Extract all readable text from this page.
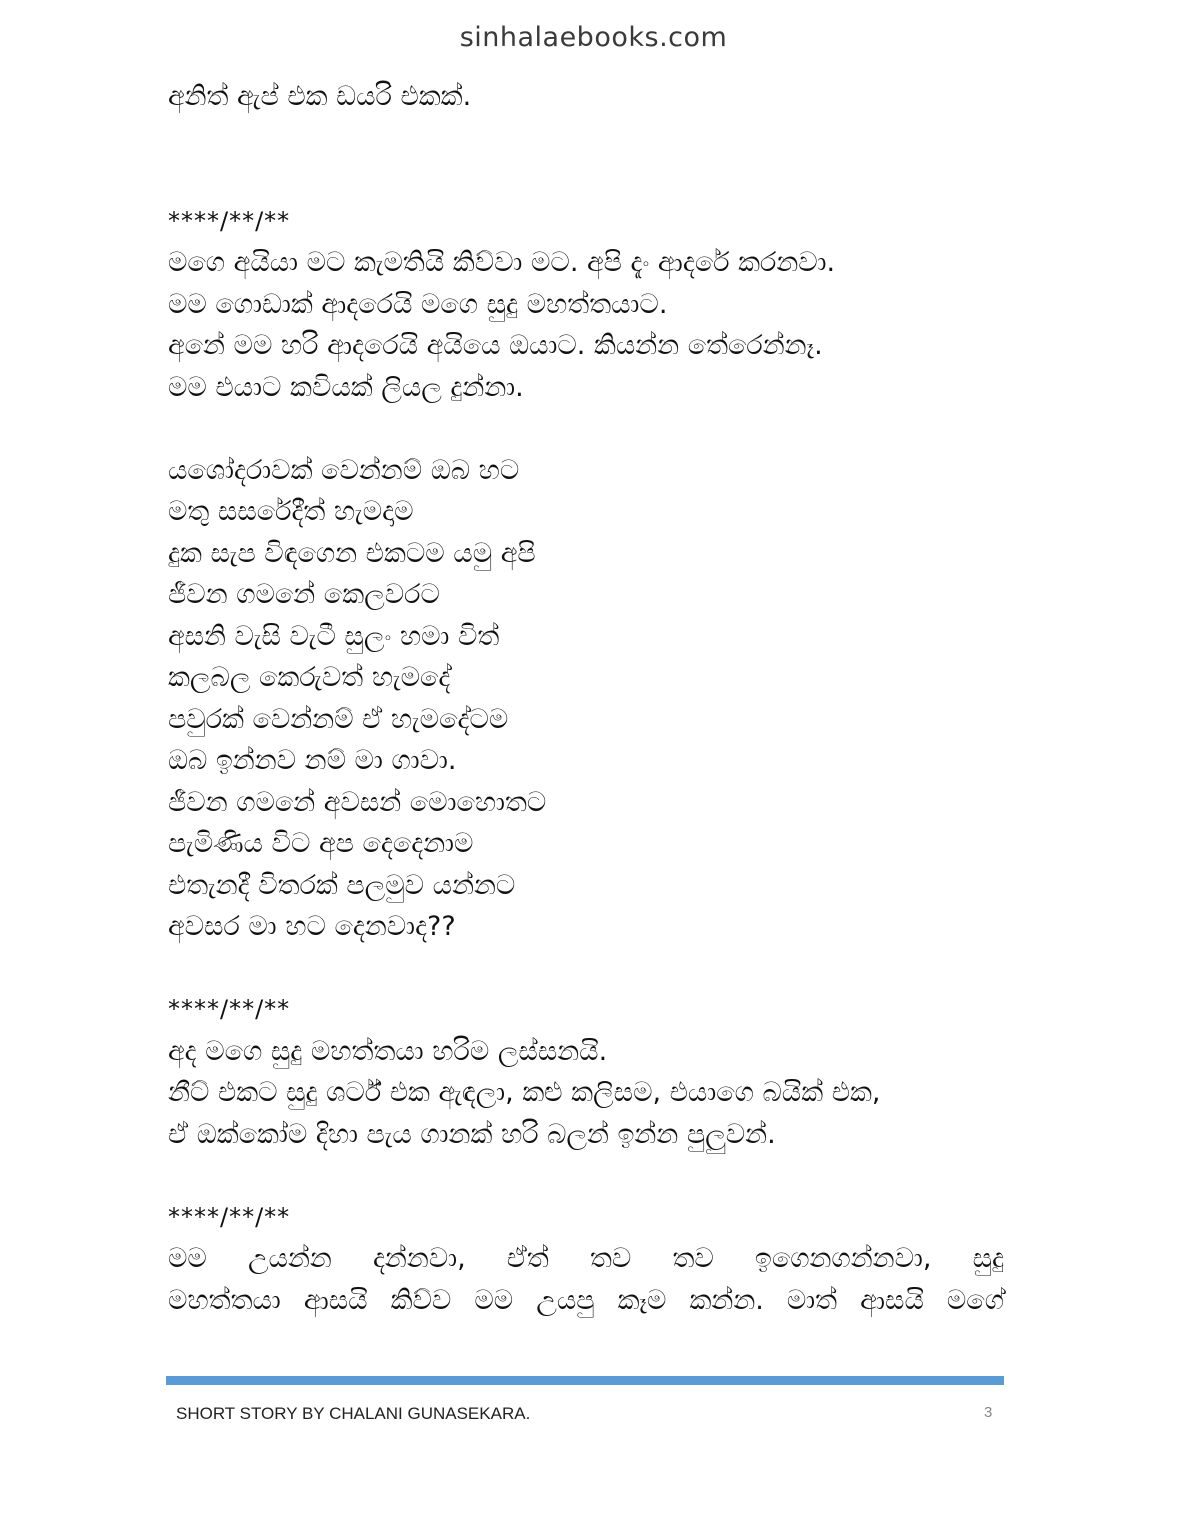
sinhalaebooks.com
අනිත් ඇප් එක ඩයරි එකක්.
****/**/**
මගෙ අයියා මට කැමතියි කිව්වා මට. අපි දැං ආදරේ කරනවා.
මම ගොඩාක් ආදරෙයි මගෙ සුදු මහත්තයාට.
අනේ මම හරි ආදරෙයි අයියෙ ඔයාට. කියන්න තේරෙන්නෑ.
මම එයාට කවියක් ලියල දුන්නා.
යශෝදරාවක් වෙන්නම් ඔබ හට
මතු සසරේදීත් හැමදාම
දුක සැප විඳගෙන එකටම යමු අපි
ජීවන ගමනේ කෙලවරට
අසනි වැසි වැටී සුලං හමා විත්
කලබල කෙරුවත් හැමදේ
පවුරක් වෙන්නම් ඒ හැමදේටම
ඔබ ඉන්නව නම් මා ගාවා.
ජීවන ගමනේ අවසන් මොහොතට
පැමිණිය විට අප දෙදෙනාම
එතැනදී විතරක් පලමුව යන්නට
අවසර මා හට දෙනවාද??
****/**/**
අද මගෙ සුදු මහත්තයා හරිම ලස්සනයි.
නීට් එකට සුදු ශර්ට් එක ඇඳලා, කළු කලිසම, එයාගෙ බයික් එක,
ඒ ඔක්කෝම දිහා පැය ගානක් හරි බලන් ඉන්න පුලුවන්.
****/**/**
මම උයන්න දන්නවා, ඒත් තව තව ඉගෙනගන්නවා, සුදු
මහත්තයා ආසයි කිව්ව මම උයපු කෑම කන්න. මාත් ආසයි මගේ
SHORT STORY BY CHALANI GUNASEKARA.	3
